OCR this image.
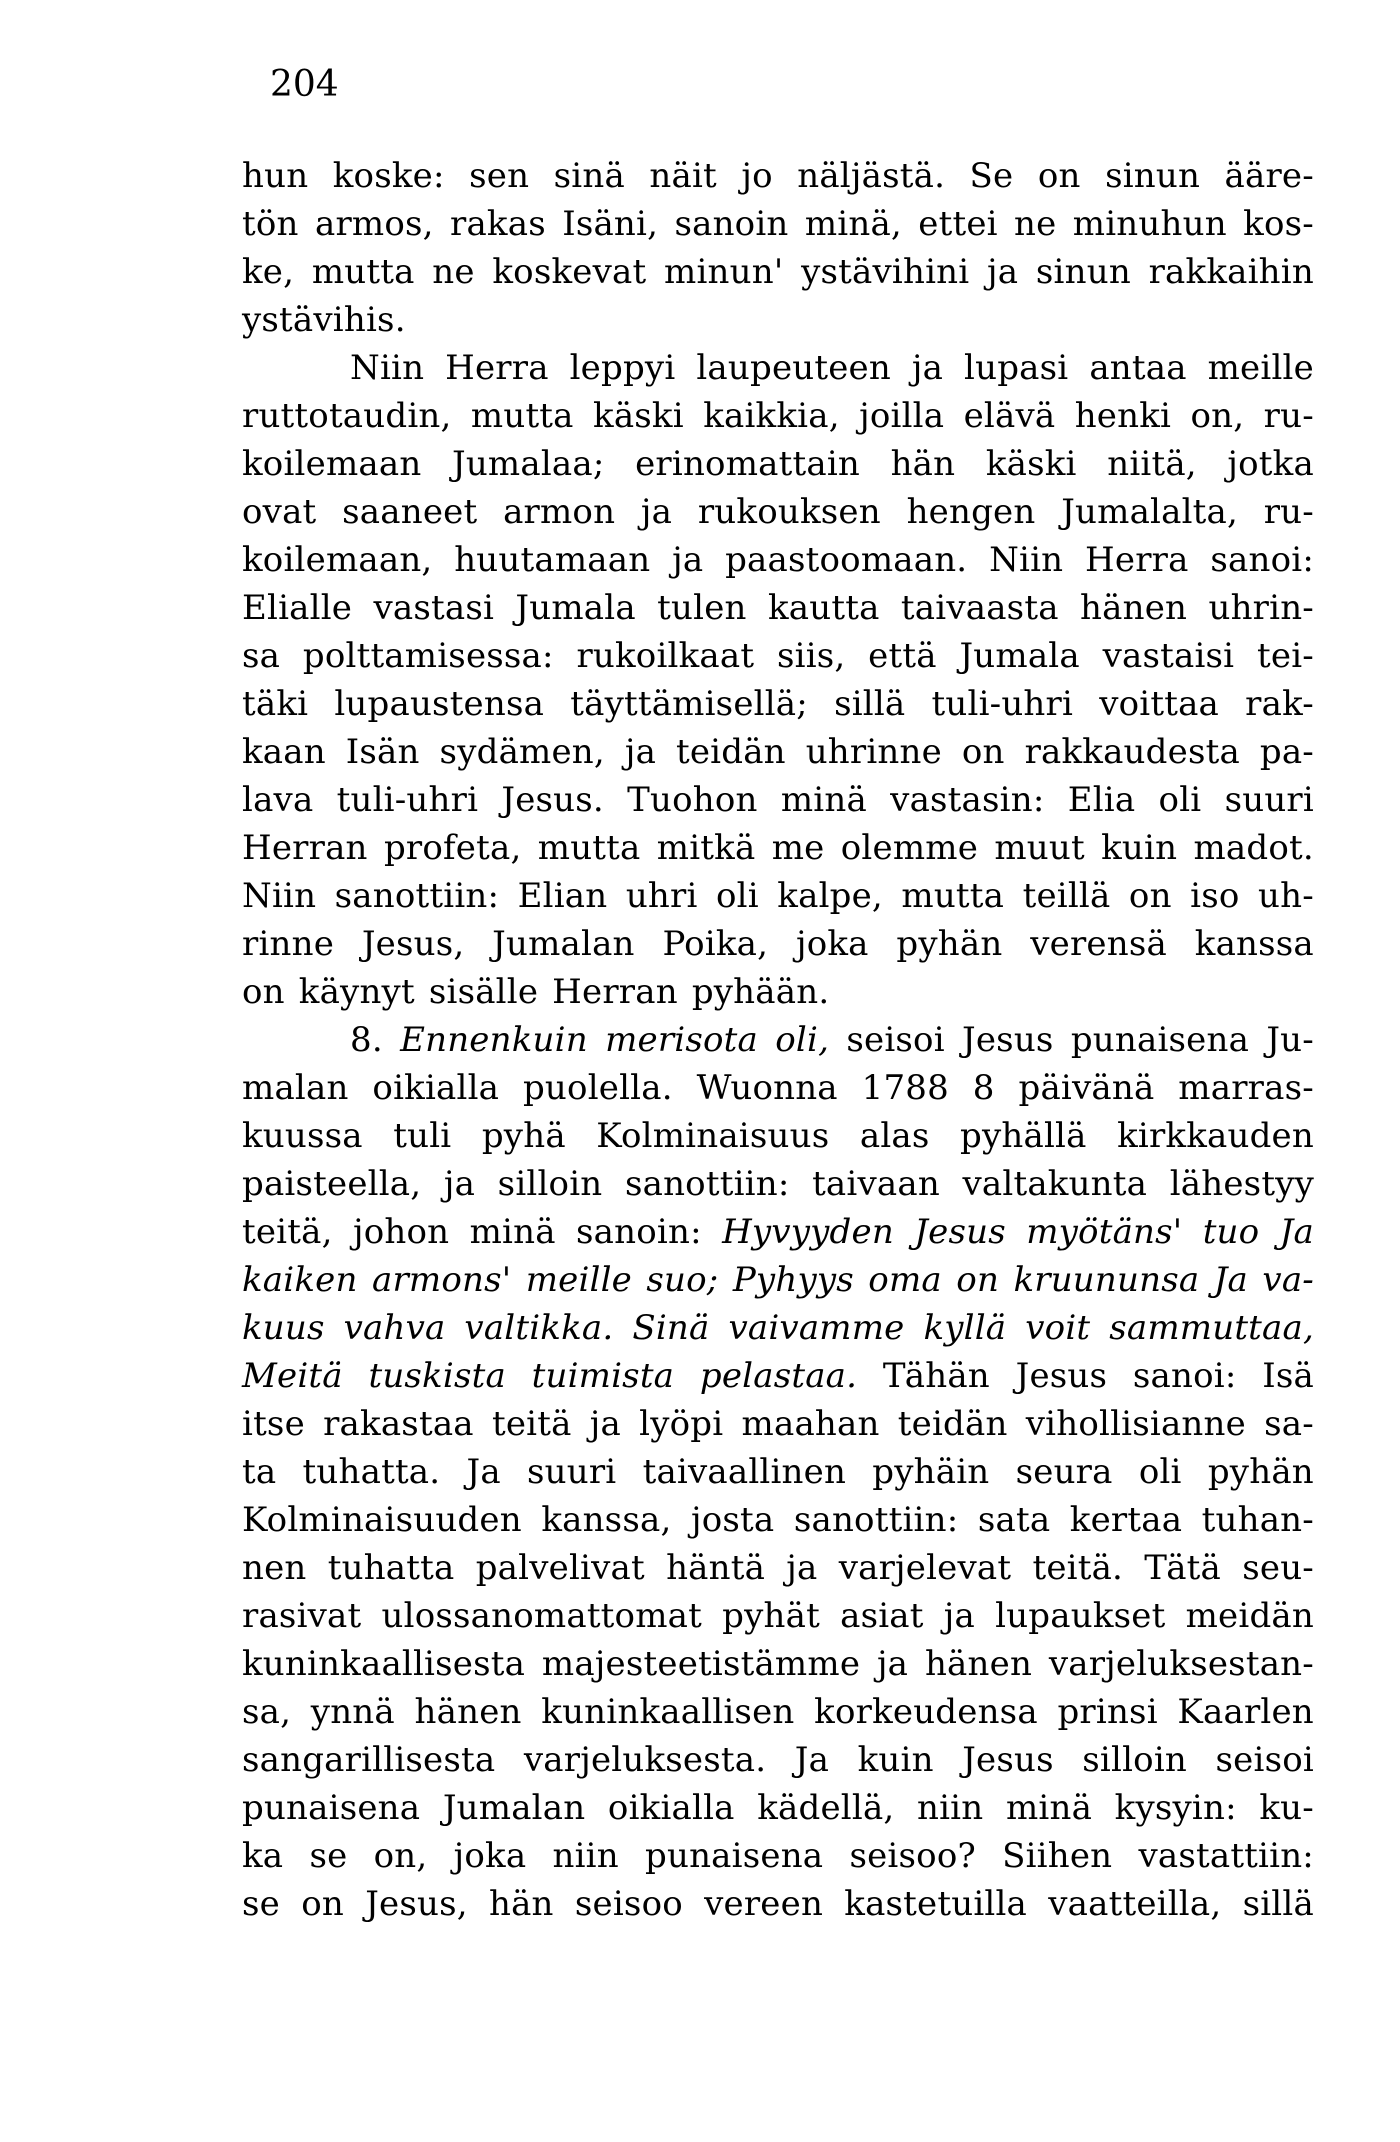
204
hun koske: sen sinä näit jo näljästä. Se on sinun ääre-
tön armos, rakas Isäni, sanoin minä, ettei ne minuhun kos-
ke, mutta ne koskevat minun' ystävihini ja sinun rakkaihin
ystävihis.
Niin Herra leppyi laupeuteen ja lupasi antaa meille
ruttotaudin, mutta käski kaikkia, joilla elävä henki on, ru-
koilemaan Jumalaa; erinomattain hän käski niitä, jotka
ovat saaneet armon ja rukouksen hengen Jumalalta, ru-
koilemaan, huutamaan ja paastoomaan. Niin Herra sanoi:
Elialle vastasi Jumala tulen kautta taivaasta hänen uhrin-
sa polttamisessa: rukoilkaat siis, että Jumala vastaisi tei-
täki lupaustensa täyttämisellä; sillä tuli-uhri voittaa rak-
kaan Isän sydämen, ja teidän uhrinne on rakkaudesta pa-
lava tuli-uhri Jesus. Tuohon minä vastasin: Elia oli suuri
Herran profeta, mutta mitkä me olemme muut kuin madot.
Niin sanottiin: Elian uhri oli kalpe, mutta teillä on iso uh-
rinne Jesus, Jumalan Poika, joka pyhän verensä kanssa
on käynyt sisälle Herran pyhään.
8. Ennenkuin merisota oli, seisoi Jesus punaisena Ju-
malan oikialla puolella. Wuonna 1788 8 päivänä marras-
kuussa tuli pyhä Kolminaisuus alas pyhällä kirkkauden
paisteella, ja silloin sanottiin: taivaan valtakunta lähestyy
teitä, johon minä sanoin: Hyvyyden Jesus myötäns' tuo Ja
kaiken armons' meille suo; Pyhyys oma on kruununsa Ja va-
kuus vahva valtikka. Sinä vaivamme kyllä voit sammuttaa,
Meitä tuskista tuimista pelastaa. Tähän Jesus sanoi: Isä
itse rakastaa teitä ja lyöpi maahan teidän vihollisianne sa-
ta tuhatta. Ja suuri taivaallinen pyhäin seura oli pyhän
Kolminaisuuden kanssa, josta sanottiin: sata kertaa tuhan-
nen tuhatta palvelivat häntä ja varjelevat teitä. Tätä seu-
rasivat ulossanomattomat pyhät asiat ja lupaukset meidän
kuninkaallisesta majesteetistämme ja hänen varjeluksestan-
sa, ynnä hänen kuninkaallisen korkeudensa prinsi Kaarlen
sangarillisesta varjeluksesta. Ja kuin Jesus silloin seisoi
punaisena Jumalan oikialla kädellä, niin minä kysyin: ku-
ka se on, joka niin punaisena seisoo? Siihen vastattiin:
se on Jesus, hän seisoo vereen kastetuilla vaatteilla, sillä
